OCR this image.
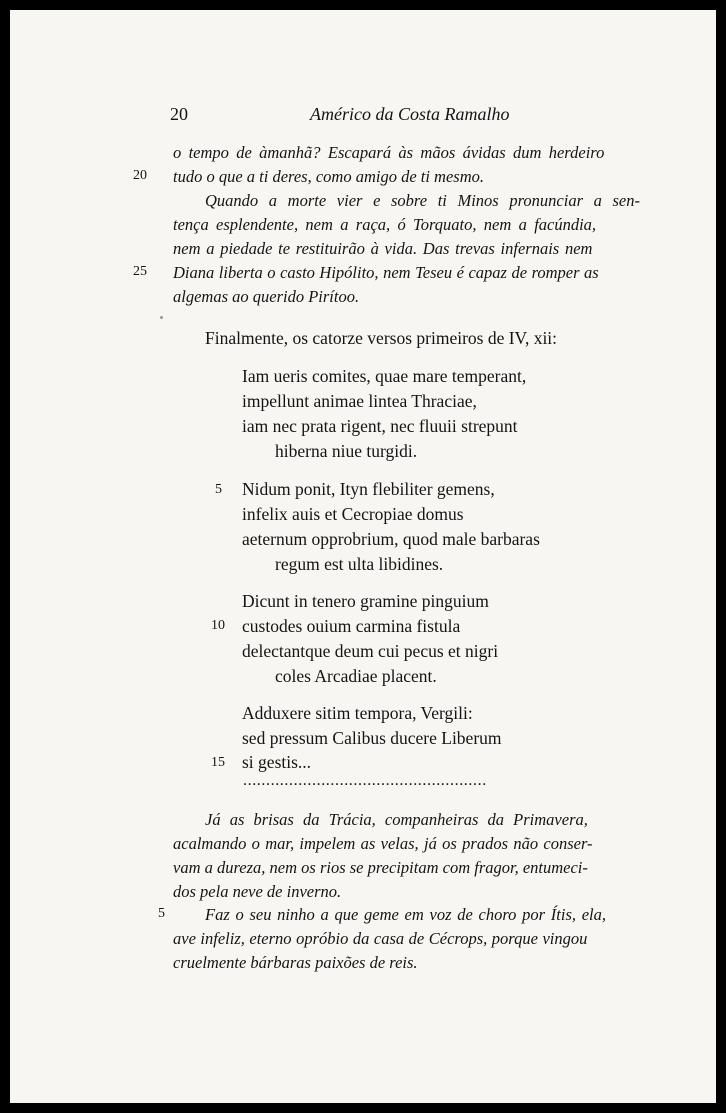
20	Américo da Costa Ramalho
o tempo de àmanhã? Escapará às mãos ávidas dum herdeiro
20 tudo o que a ti deres, como amigo de ti mesmo.
Quando a morte vier e sobre ti Minos pronunciar a sen-
tença esplendente, nem a raça, ó Torquato, nem a facúndia,
nem a piedade te restituirão à vida. Das trevas infernais nem
25 Diana liberta o casto Hipólito, nem Teseu é capaz de romper as
algemas ao querido Pirítoo.
Finalmente, os catorze versos primeiros de IV, xii:
Iam ueris comites, quae mare temperant,
impellunt animae lintea Thraciae,
iam nec prata rigent, nec fluuii strepunt
hiberna niue turgidi.
5 Nidum ponit, Ityn flebiliter gemens,
infelix auis et Cecropiae domus
aeternum opprobrium, quod male barbaras
regum est ulta libidines.
Dicunt in tenero gramine pinguium
10 custodes ouium carmina fistula
delectantque deum cui pecus et nigri
coles Arcadiae placent.
Adduxere sitim tempora, Vergili:
sed pressum Calibus ducere Liberum
15 si gestis...
.....................................................
Já as brisas da Trácia, companheiras da Primavera,
acalmando o mar, impelem as velas, já os prados não conser-
vam a dureza, nem os rios se precipitam com fragor, entumeci-
dos pela neve de inverno.
5 Faz o seu ninho a que geme em voz de choro por Ítis, ela,
ave infeliz, eterno opróbio da casa de Cécrops, porque vingou
cruelmente bárbaras paixões de reis.
